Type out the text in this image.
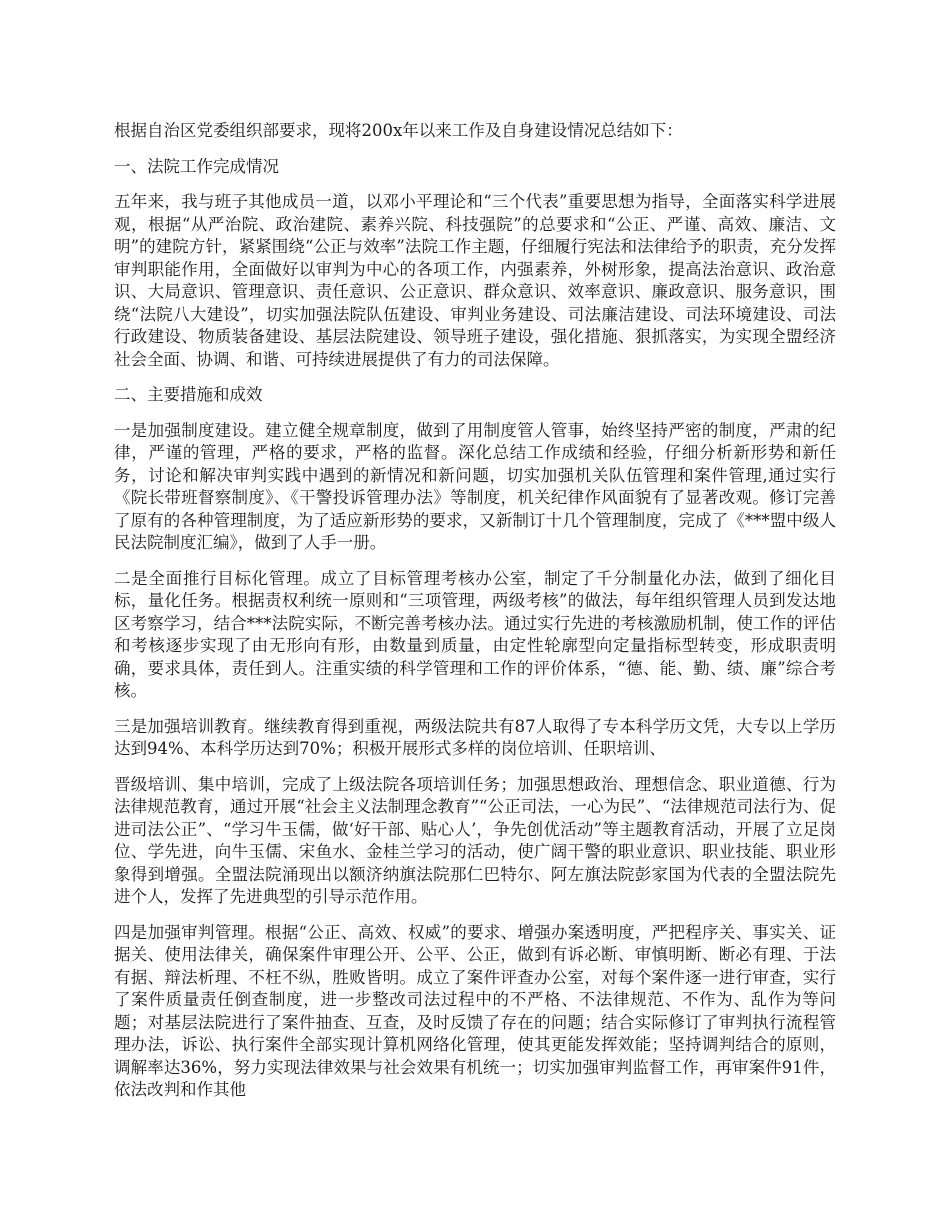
根据自治区党委组织部要求，现将200x年以来工作及自身建设情况总结如下：

一、法院工作完成情况

五年来，我与班子其他成员一道，以邓小平理论和“三个代表”重要思想为指导，全面落实科学进展观，根据“从严治院、政治建院、素养兴院、科技强院”的总要求和“公正、严谨、高效、廉洁、文明”的建院方针，紧紧围绕“公正与效率”法院工作主题，仔细履行宪法和法律给予的职责，充分发挥审判职能作用，全面做好以审判为中心的各项工作，内强素养，外树形象，提高法治意识、政治意识、大局意识、管理意识、责任意识、公正意识、群众意识、效率意识、廉政意识、服务意识，围绕“法院八大建设”，切实加强法院队伍建设、审判业务建设、司法廉洁建设、司法环境建设、司法行政建设、物质装备建设、基层法院建设、领导班子建设，强化措施、狠抓落实，为实现全盟经济社会全面、协调、和谐、可持续进展提供了有力的司法保障。

二、主要措施和成效

一是加强制度建设。建立健全规章制度，做到了用制度管人管事，始终坚持严密的制度，严肃的纪律，严谨的管理，严格的要求，严格的监督。深化总结工作成绩和经验，仔细分析新形势和新任务，讨论和解决审判实践中遇到的新情况和新问题，切实加强机关队伍管理和案件管理,通过实行《院长带班督察制度》、《干警投诉管理办法》等制度，机关纪律作风面貌有了显著改观。修订完善了原有的各种管理制度，为了适应新形势的要求，又新制订十几个管理制度，完成了《***盟中级人民法院制度汇编》，做到了人手一册。

二是全面推行目标化管理。成立了目标管理考核办公室，制定了千分制量化办法，做到了细化目标，量化任务。根据责权利统一原则和“三项管理，两级考核”的做法，每年组织管理人员到发达地区考察学习，结合***法院实际，不断完善考核办法。通过实行先进的考核激励机制，使工作的评估和考核逐步实现了由无形向有形，由数量到质量，由定性轮廓型向定量指标型转变，形成职责明确，要求具体，责任到人。注重实绩的科学管理和工作的评价体系，“德、能、勤、绩、廉”综合考核。

三是加强培训教育。继续教育得到重视，两级法院共有87人取得了专本科学历文凭，大专以上学历达到94%、本科学历达到70%；积极开展形式多样的岗位培训、任职培训、

晋级培训、集中培训，完成了上级法院各项培训任务；加强思想政治、理想信念、职业道德、行为法律规范教育，通过开展“社会主义法制理念教育”“公正司法，一心为民”、“法律规范司法行为、促进司法公正”、“学习牛玉儒，做‘好干部、贴心人’，争先创优活动”等主题教育活动，开展了立足岗位、学先进，向牛玉儒、宋鱼水、金桂兰学习的活动，使广阔干警的职业意识、职业技能、职业形象得到增强。全盟法院涌现出以额济纳旗法院那仁巴特尔、阿左旗法院彭家国为代表的全盟法院先进个人，发挥了先进典型的引导示范作用。

四是加强审判管理。根据“公正、高效、权威”的要求、增强办案透明度，严把程序关、事实关、证据关、使用法律关，确保案件审理公开、公平、公正，做到有诉必断、审慎明断、断必有理、于法有据、辩法析理、不枉不纵，胜败皆明。成立了案件评查办公室，对每个案件逐一进行审查，实行了案件质量责任倒查制度，进一步整改司法过程中的不严格、不法律规范、不作为、乱作为等问题；对基层法院进行了案件抽查、互查，及时反馈了存在的问题；结合实际修订了审判执行流程管理办法，诉讼、执行案件全部实现计算机网络化管理，使其更能发挥效能；坚持调判结合的原则，调解率达36%，努力实现法律效果与社会效果有机统一；切实加强审判监督工作，再审案件91件，依法改判和作其他
